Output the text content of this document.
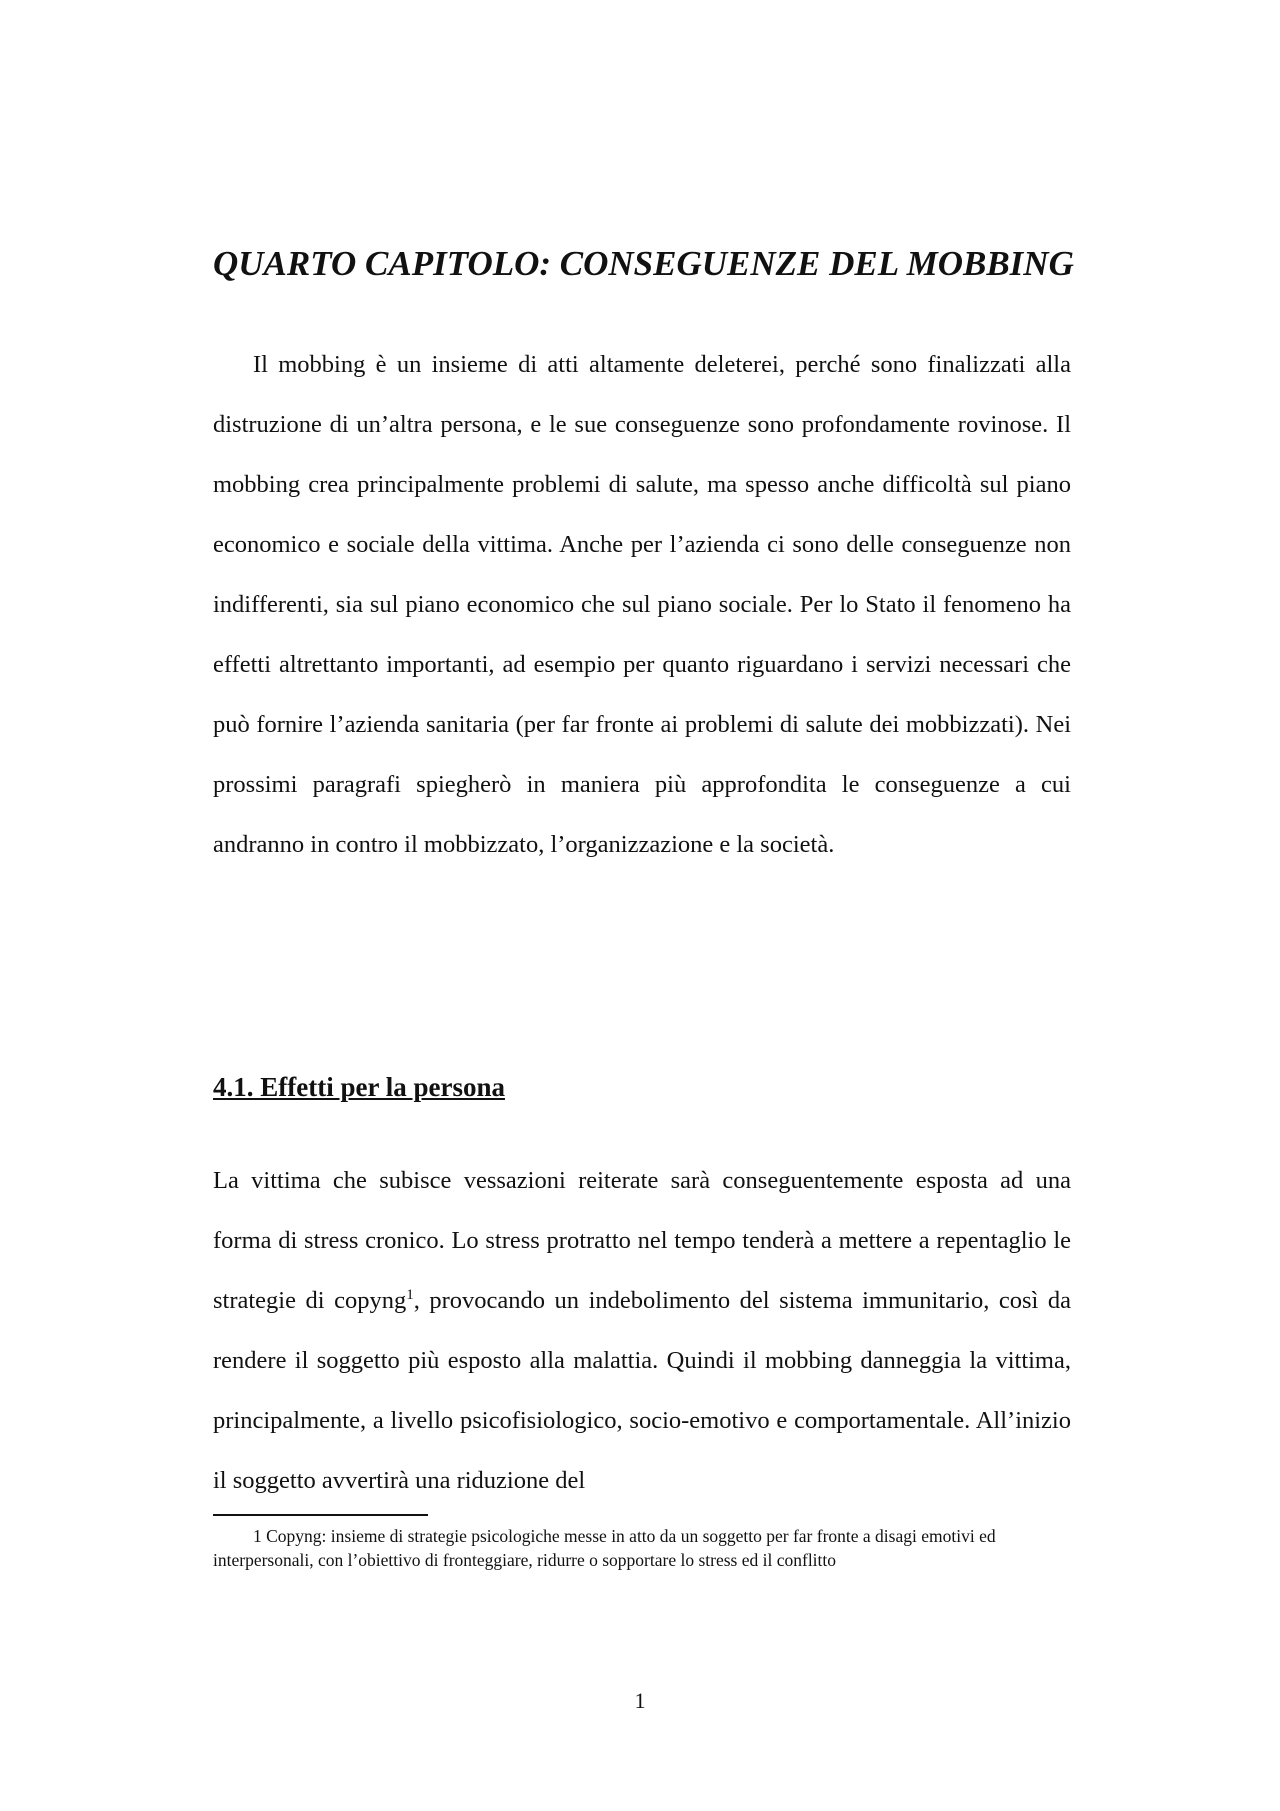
QUARTO CAPITOLO: CONSEGUENZE DEL MOBBING

Il mobbing è un insieme di atti altamente deleterei, perché sono finalizzati alla distruzione di un’altra persona, e le sue conseguenze sono profondamente rovinose. Il mobbing crea principalmente problemi di salute, ma spesso anche difficoltà sul piano economico e sociale della vittima. Anche per l’azienda ci sono delle conseguenze non indifferenti, sia sul piano economico che sul piano sociale. Per lo Stato il fenomeno ha effetti altrettanto importanti, ad esempio per quanto riguardano i servizi necessari che può fornire l’azienda sanitaria (per far fronte ai problemi di salute dei mobbizzati). Nei prossimi paragrafi spiegherò in maniera più approfondita le conseguenze a cui andranno in contro il mobbizzato, l’organizzazione e la società.

4.1. Effetti per la persona

La vittima che subisce vessazioni reiterate sarà conseguentemente esposta ad una forma di stress cronico. Lo stress protratto nel tempo tenderà a mettere a repentaglio le strategie di copyng$^1$, provocando un indebolimento del sistema immunitario, così da rendere il soggetto più esposto alla malattia. Quindi il mobbing danneggia la vittima, principalmente, a livello psicofisiologico, socio-emotivo e comportamentale. All’inizio il soggetto avvertirà una riduzione del

1 Copyng: insieme di strategie psicologiche messe in atto da un soggetto per far fronte a disagi emotivi ed interpersonali, con l’obiettivo di fronteggiare, ridurre o sopportare lo stress ed il conflitto

1
